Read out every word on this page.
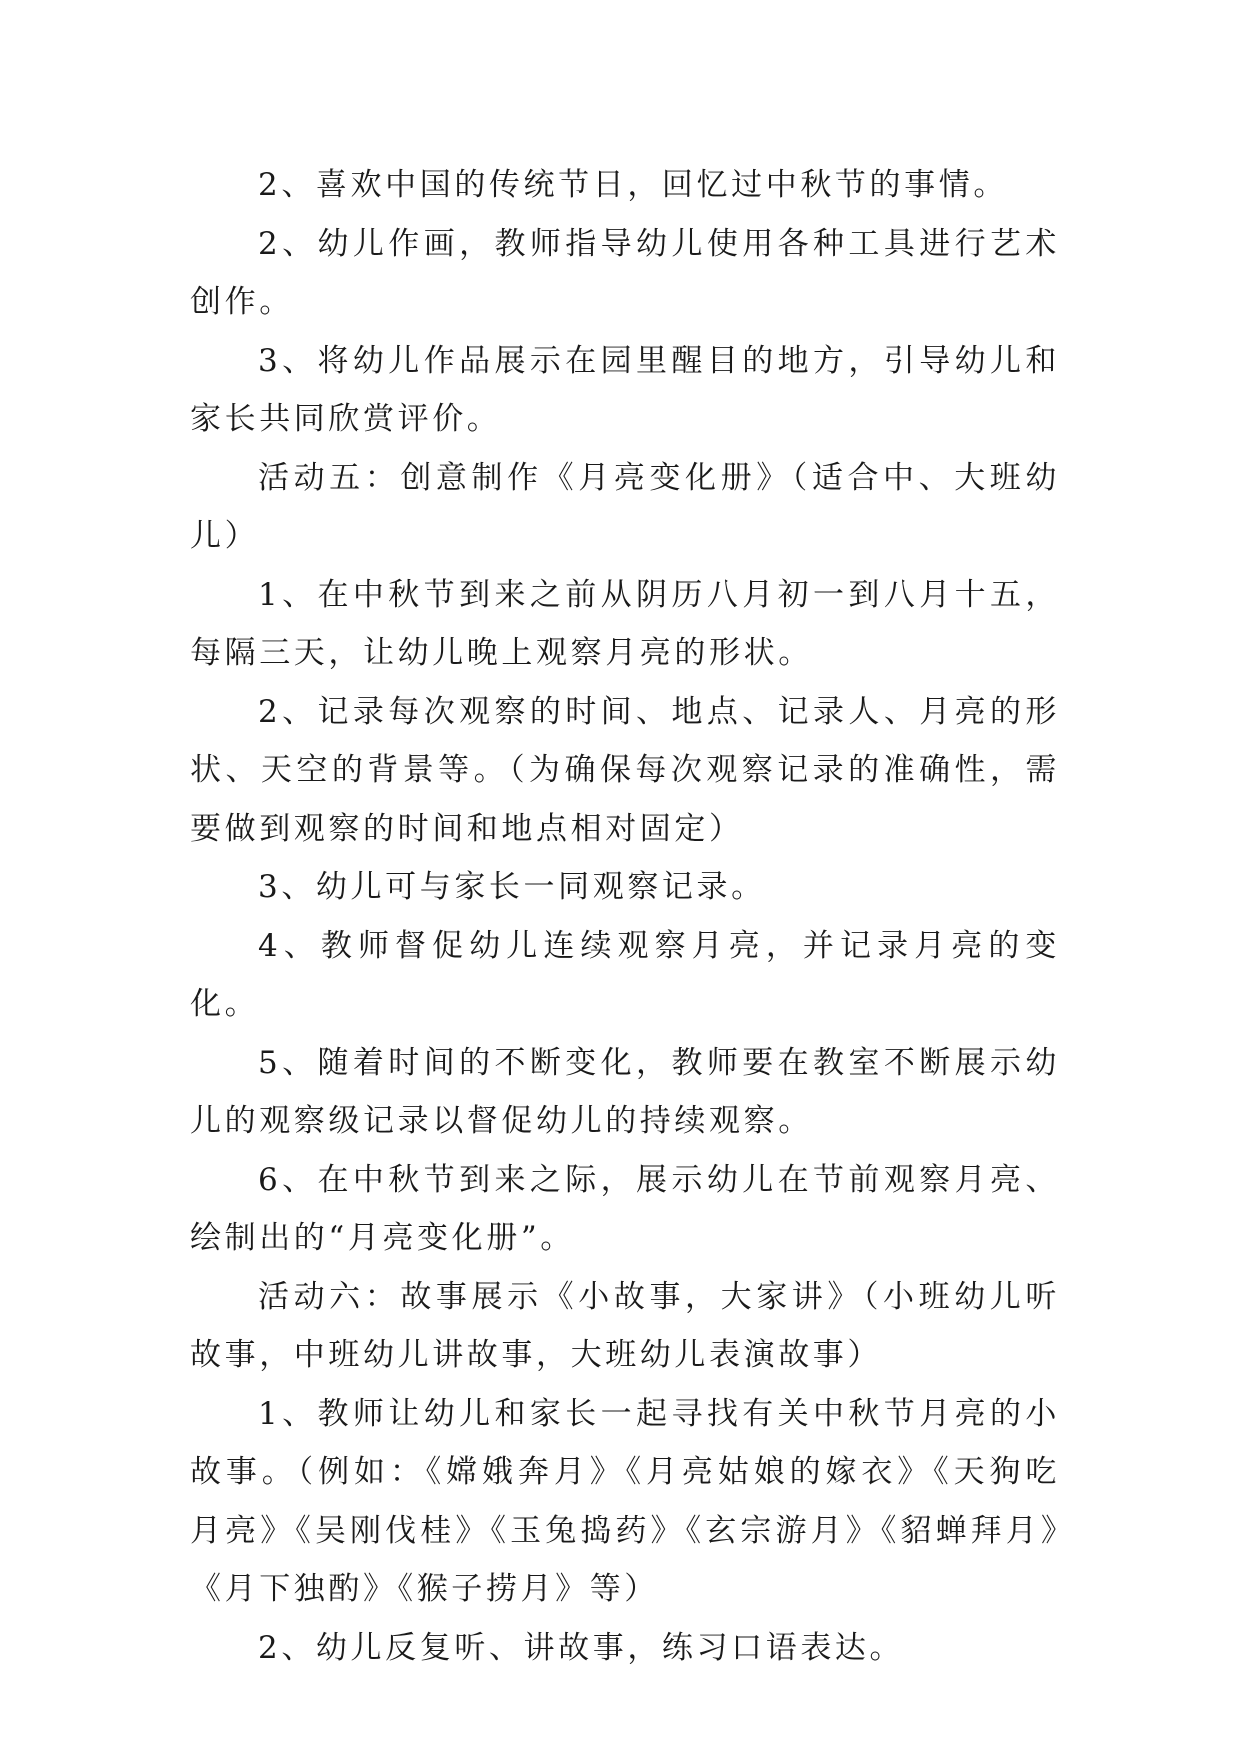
2、喜欢中国的传统节日，回忆过中秋节的事情。

2、幼儿作画，教师指导幼儿使用各种工具进行艺术创作。

3、将幼儿作品展示在园里醒目的地方，引导幼儿和家长共同欣赏评价。

活动五：创意制作《月亮变化册》（适合中、大班幼儿）

1、在中秋节到来之前从阴历八月初一到八月十五，每隔三天，让幼儿晚上观察月亮的形状。

2、记录每次观察的时间、地点、记录人、月亮的形状、天空的背景等。（为确保每次观察记录的准确性，需要做到观察的时间和地点相对固定）

3、幼儿可与家长一同观察记录。

4、教师督促幼儿连续观察月亮，并记录月亮的变化。

5、随着时间的不断变化，教师要在教室不断展示幼儿的观察级记录以督促幼儿的持续观察。

6、在中秋节到来之际，展示幼儿在节前观察月亮、绘制出的“月亮变化册”。

活动六：故事展示《小故事，大家讲》（小班幼儿听故事，中班幼儿讲故事，大班幼儿表演故事）

1、教师让幼儿和家长一起寻找有关中秋节月亮的小故事。（例如：《嫦娥奔月》《月亮姑娘的嫁衣》《天狗吃月亮》《吴刚伐桂》《玉兔捣药》《玄宗游月》《貂蝉拜月》《月下独酌》《猴子捞月》等）

2、幼儿反复听、讲故事，练习口语表达。
